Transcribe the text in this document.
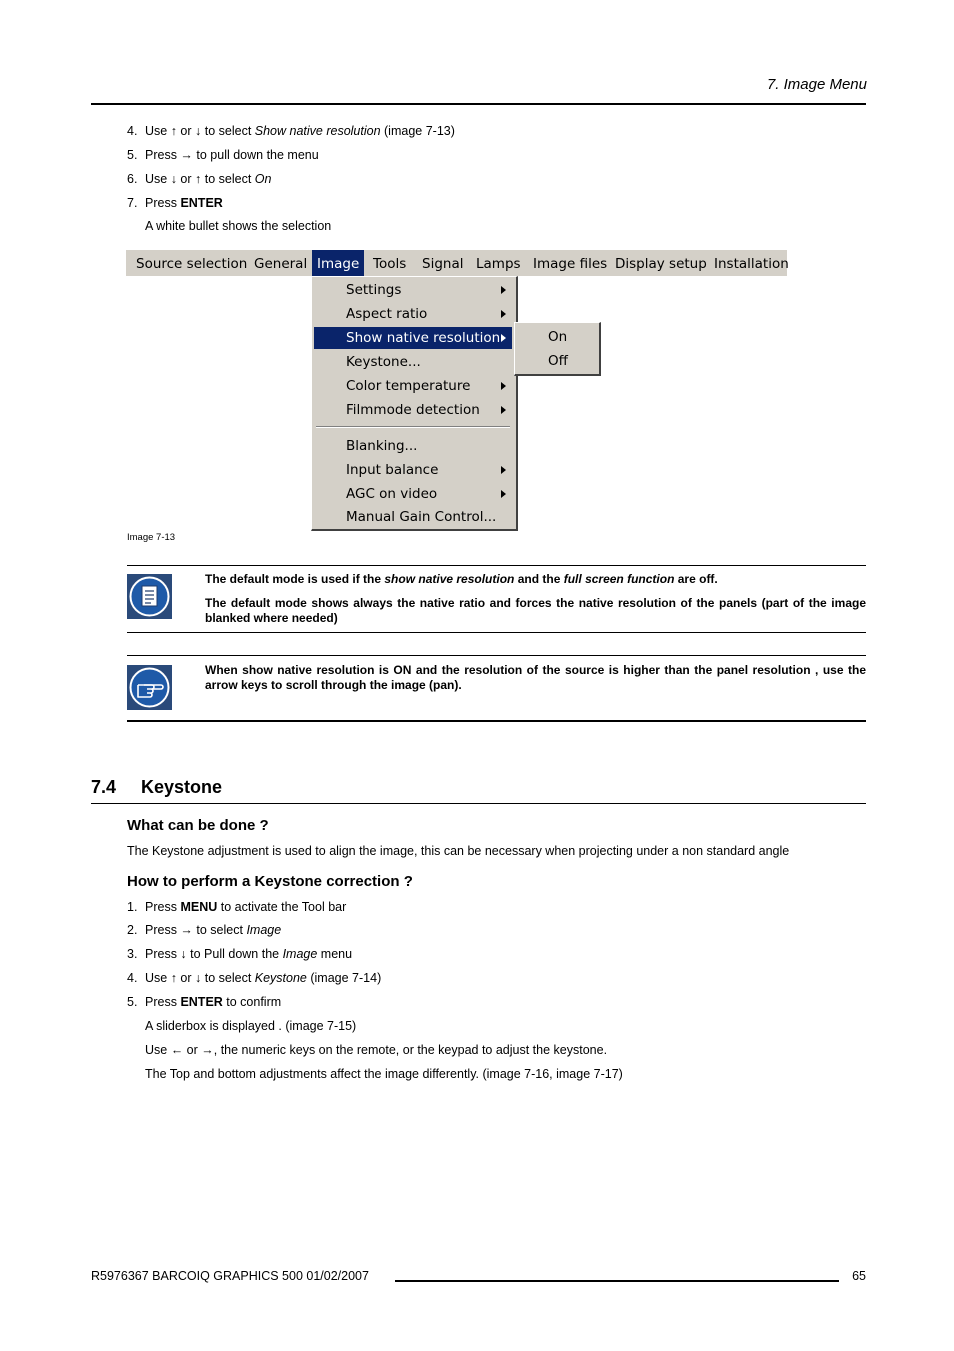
7. Image Menu
4. Use ↑ or ↓ to select Show native resolution (image 7-13)
5. Press → to pull down the menu
6. Use ↓ or ↑ to select On
7. Press ENTER
A white bullet shows the selection
Source selection General Image	Tools	Signal Lamps Image files Display setup Installation
Settings
Aspect ratio
Show native resolution
Keystone...
Color temperature
Filmmode detection
Blanking...
Input balance
AGC on video
Manual Gain Control...
On
Off
Image 7-13
The default mode is used if the show native resolution and the full screen function are off.
The default mode shows always the native ratio and forces the native resolution of the panels (part of the image blanked where needed)
When show native resolution is ON and the resolution of the source is higher than the panel resolution , use the arrow keys to scroll through the image (pan).
7.4 Keystone
What can be done ?
The Keystone adjustment is used to align the image, this can be necessary when projecting under a non standard angle
How to perform a Keystone correction ?
1. Press MENU to activate the Tool bar
2. Press → to select Image
3. Press ↓ to Pull down the Image menu
4. Use ↑ or ↓ to select Keystone (image 7-14)
5. Press ENTER to confirm
A sliderbox is displayed . (image 7-15)
Use ← or →, the numeric keys on the remote, or the keypad to adjust the keystone.
The Top and bottom adjustments affect the image differently. (image 7-16, image 7-17)
R5976367 BARCOIQ GRAPHICS 500 01/02/2007	65
